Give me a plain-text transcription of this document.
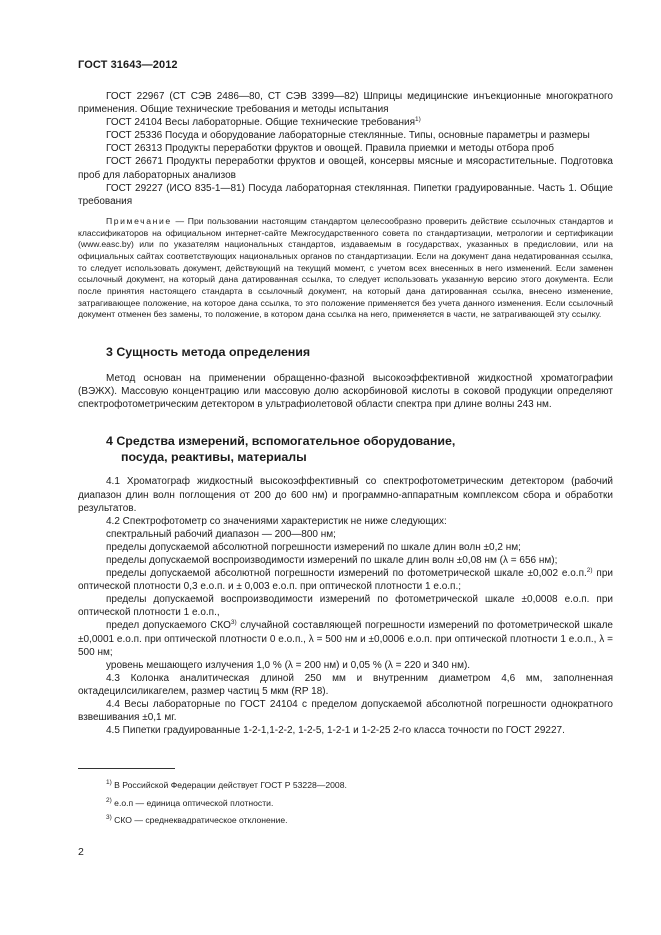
ГОСТ 31643—2012

ГОСТ 22967 (СТ СЭВ 2486—80, СТ СЭВ 3399—82) Шприцы медицинские инъекционные многократного применения. Общие технические требования и методы испытания

ГОСТ 24104 Весы лабораторные. Общие технические требования$^{1)}$

ГОСТ 25336 Посуда и оборудование лабораторные стеклянные. Типы, основные параметры и размеры

ГОСТ 26313 Продукты переработки фруктов и овощей. Правила приемки и методы отбора проб

ГОСТ 26671 Продукты переработки фруктов и овощей, консервы мясные и мясорастительные. Подготовка проб для лабораторных анализов

ГОСТ 29227 (ИСО 835-1—81) Посуда лабораторная стеклянная. Пипетки градуированные. Часть 1. Общие требования

Примечание — При пользовании настоящим стандартом целесообразно проверить действие ссылочных стандартов и классификаторов на официальном интернет-сайте Межгосударственного совета по стандартизации, метрологии и сертификации (www.easc.by) или по указателям национальных стандартов, издаваемым в государствах, указанных в предисловии, или на официальных сайтах соответствующих национальных органов по стандартизации. Если на документ дана недатированная ссылка, то следует использовать документ, действующий на текущий момент, с учетом всех внесенных в него изменений. Если заменен ссылочный документ, на который дана датированная ссылка, то следует использовать указанную версию этого документа. Если после принятия настоящего стандарта в ссылочный документ, на который дана датированная ссылка, внесено изменение, затрагивающее положение, на которое дана ссылка, то это положение применяется без учета данного изменения. Если ссылочный документ отменен без замены, то положение, в котором дана ссылка на него, применяется в части, не затрагивающей эту ссылку.

3 Сущность метода определения

Метод основан на применении обращенно-фазной высокоэффективной жидкостной хроматографии (ВЭЖХ). Массовую концентрацию или массовую долю аскорбиновой кислоты в соковой продукции определяют спектрофотометрическим детектором в ультрафиолетовой области спектра при длине волны 243 нм.

4 Средства измерений, вспомогательное оборудование,
посуда, реактивы, материалы

4.1 Хроматограф жидкостный высокоэффективный со спектрофотометрическим детектором (рабочий диапазон длин волн поглощения от 200 до 600 нм) и программно-аппаратным комплексом сбора и обработки результатов.

4.2 Спектрофотометр со значениями характеристик не ниже следующих:

спектральный рабочий диапазон — 200—800 нм;

пределы допускаемой абсолютной погрешности измерений по шкале длин волн ±0,2 нм;

пределы допускаемой воспроизводимости измерений по шкале длин волн ±0,08 нм (λ = 656 нм);

пределы допускаемой абсолютной погрешности измерений по фотометрической шкале ±0,002 е.о.п.$^{2)}$ при оптической плотности 0,3 е.о.п. и ± 0,003 е.о.п. при оптической плотности 1 е.о.п.;

пределы допускаемой воспроизводимости измерений по фотометрической шкале ±0,0008 е.о.п. при оптической плотности 1 е.о.п.,

предел допускаемого СКО$^{3)}$ случайной составляющей погрешности измерений по фотометрической шкале ±0,0001 е.о.п. при оптической плотности 0 е.о.п., λ = 500 нм и ±0,0006 е.о.п. при оптической плотности 1 е.о.п., λ = 500 нм;

уровень мешающего излучения 1,0 % (λ = 200 нм) и 0,05 % (λ = 220 и 340 нм).

4.3 Колонка аналитическая длиной 250 мм и внутренним диаметром 4,6 мм, заполненная октадецилсиликагелем, размер частиц 5 мкм (RP 18).

4.4 Весы лабораторные по ГОСТ 24104 с пределом допускаемой абсолютной погрешности однократного взвешивания ±0,1 мг.

4.5 Пипетки градуированные 1-2-1,1-2-2, 1-2-5, 1-2-1 и 1-2-25 2-го класса точности по ГОСТ 29227.

$^{1)}$ В Российской Федерации действует ГОСТ Р 53228—2008.
$^{2)}$ е.о.п — единица оптической плотности.
$^{3)}$ СКО — среднеквадратическое отклонение.
2
